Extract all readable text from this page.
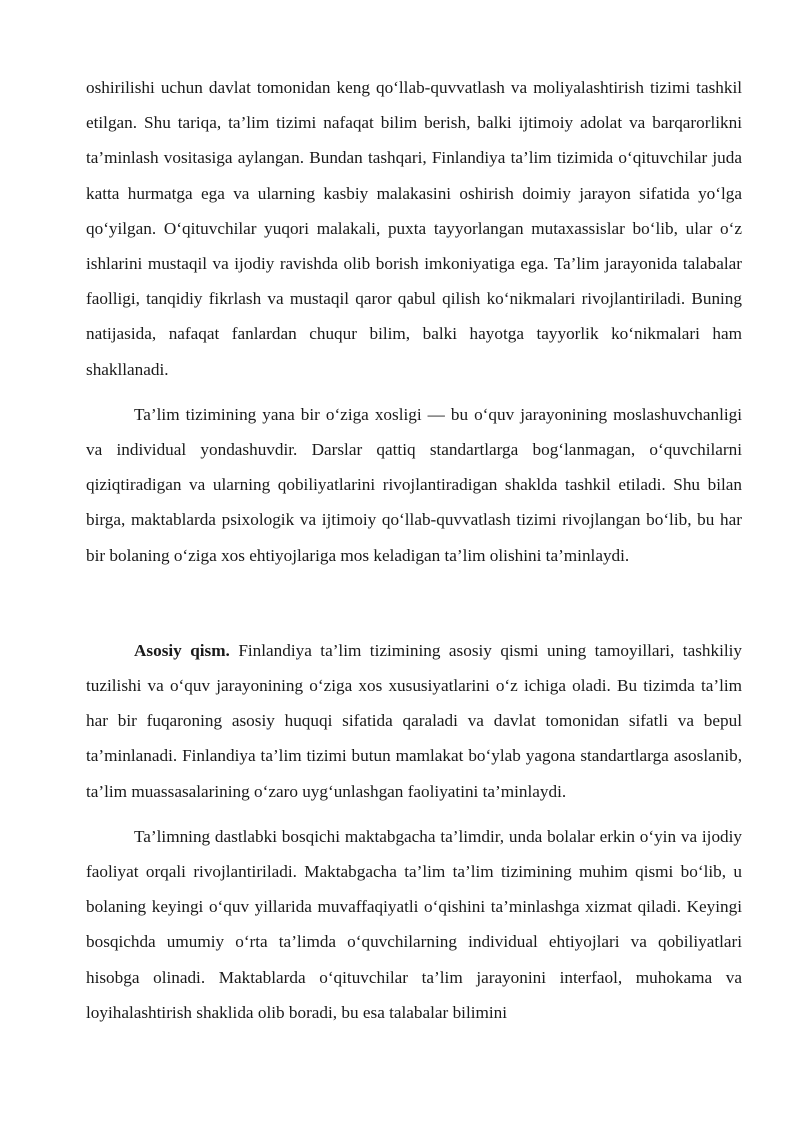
oshirilishi uchun davlat tomonidan keng qo‘llab-quvvatlash va moliyalashtirish tizimi tashkil etilgan. Shu tariqa, ta’lim tizimi nafaqat bilim berish, balki ijtimoiy adolat va barqarorlikni ta’minlash vositasiga aylangan. Bundan tashqari, Finlandiya ta’lim tizimida o‘qituvchilar juda katta hurmatga ega va ularning kasbiy malakasini oshirish doimiy jarayon sifatida yo‘lga qo‘yilgan. O‘qituvchilar yuqori malakali, puxta tayyorlangan mutaxassislar bo‘lib, ular o‘z ishlarini mustaqil va ijodiy ravishda olib borish imkoniyatiga ega. Ta’lim jarayonida talabalar faolligi, tanqidiy fikrlash va mustaqil qaror qabul qilish ko‘nikmalari rivojlantiriladi. Buning natijasida, nafaqat fanlardan chuqur bilim, balki hayotga tayyorlik ko‘nikmalari ham shakllanadi.

Ta’lim tizimining yana bir o‘ziga xosligi — bu o‘quv jarayonining moslashuvchanligi va individual yondashuvdir. Darslar qattiq standartlarga bog‘lanmagan, o‘quvchilarni qiziqtiradigan va ularning qobiliyatlarini rivojlantiradigan shaklda tashkil etiladi. Shu bilan birga, maktablarda psixologik va ijtimoiy qo‘llab-quvvatlash tizimi rivojlangan bo‘lib, bu har bir bolaning o‘ziga xos ehtiyojlariga mos keladigan ta’lim olishini ta’minlaydi.

Asosiy qism. Finlandiya ta’lim tizimining asosiy qismi uning tamoyillari, tashkiliy tuzilishi va o‘quv jarayonining o‘ziga xos xususiyatlarini o‘z ichiga oladi. Bu tizimda ta’lim har bir fuqaroning asosiy huquqi sifatida qaraladi va davlat tomonidan sifatli va bepul ta’minlanadi. Finlandiya ta’lim tizimi butun mamlakat bo‘ylab yagona standartlarga asoslanib, ta’lim muassasalarining o‘zaro uyg‘unlashgan faoliyatini ta’minlaydi.

Ta’limning dastlabki bosqichi maktabgacha ta’limdir, unda bolalar erkin o‘yin va ijodiy faoliyat orqali rivojlantiriladi. Maktabgacha ta’lim ta’lim tizimining muhim qismi bo‘lib, u bolaning keyingi o‘quv yillarida muvaffaqiyatli o‘qishini ta’minlashga xizmat qiladi. Keyingi bosqichda umumiy o‘rta ta’limda o‘quvchilarning individual ehtiyojlari va qobiliyatlari hisobga olinadi. Maktablarda o‘qituvchilar ta’lim jarayonini interfaol, muhokama va loyihalashtirish shaklida olib boradi, bu esa talabalar bilimini
